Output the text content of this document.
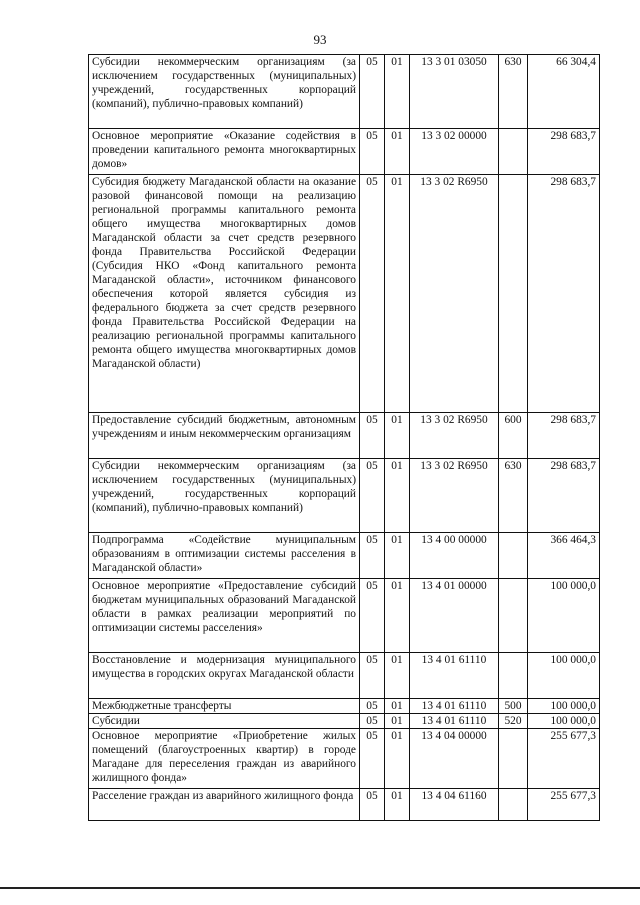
93
Субсидии некоммерческим организациям (за исключением государственных (муниципальных) учреждений, государственных корпораций (компаний), публично-правовых компаний)	05	01	13 3 01 03050	630	66 304,4
Основное мероприятие «Оказание содействия в проведении капитального ремонта многоквартирных домов»	05	01	13 3 02 00000		298 683,7
Субсидия бюджету Магаданской области на оказание разовой финансовой помощи на реализацию региональной программы капитального ремонта общего имущества многоквартирных домов Магаданской области за счет средств резервного фонда Правительства Российской Федерации (Субсидия НКО «Фонд капитального ремонта Магаданской области», источником финансового обеспечения которой является субсидия из федерального бюджета за счет средств резервного фонда Правительства Российской Федерации на реализацию региональной программы капитального ремонта общего имущества многоквартирных домов Магаданской области)	05	01	13 3 02 R6950		298 683,7
Предоставление субсидий бюджетным, автономным учреждениям и иным некоммерческим организациям	05	01	13 3 02 R6950	600	298 683,7
Субсидии некоммерческим организациям (за исключением государственных (муниципальных) учреждений, государственных корпораций (компаний), публично-правовых компаний)	05	01	13 3 02 R6950	630	298 683,7
Подпрограмма «Содействие муниципальным образованиям в оптимизации системы расселения в Магаданской области»	05	01	13 4 00 00000		366 464,3
Основное мероприятие «Предоставление субсидий бюджетам муниципальных образований Магаданской области в рамках реализации мероприятий по оптимизации системы расселения»	05	01	13 4 01 00000		100 000,0
Восстановление и модернизация муниципального имущества в городских округах Магаданской области	05	01	13 4 01 61110		100 000,0
Межбюджетные трансферты	05	01	13 4 01 61110	500	100 000,0
Субсидии	05	01	13 4 01 61110	520	100 000,0
Основное мероприятие «Приобретение жилых помещений (благоустроенных квартир) в городе Магадане для переселения граждан из аварийного жилищного фонда»	05	01	13 4 04 00000		255 677,3
Расселение граждан из аварийного жилищного фонда	05	01	13 4 04 61160		255 677,3
